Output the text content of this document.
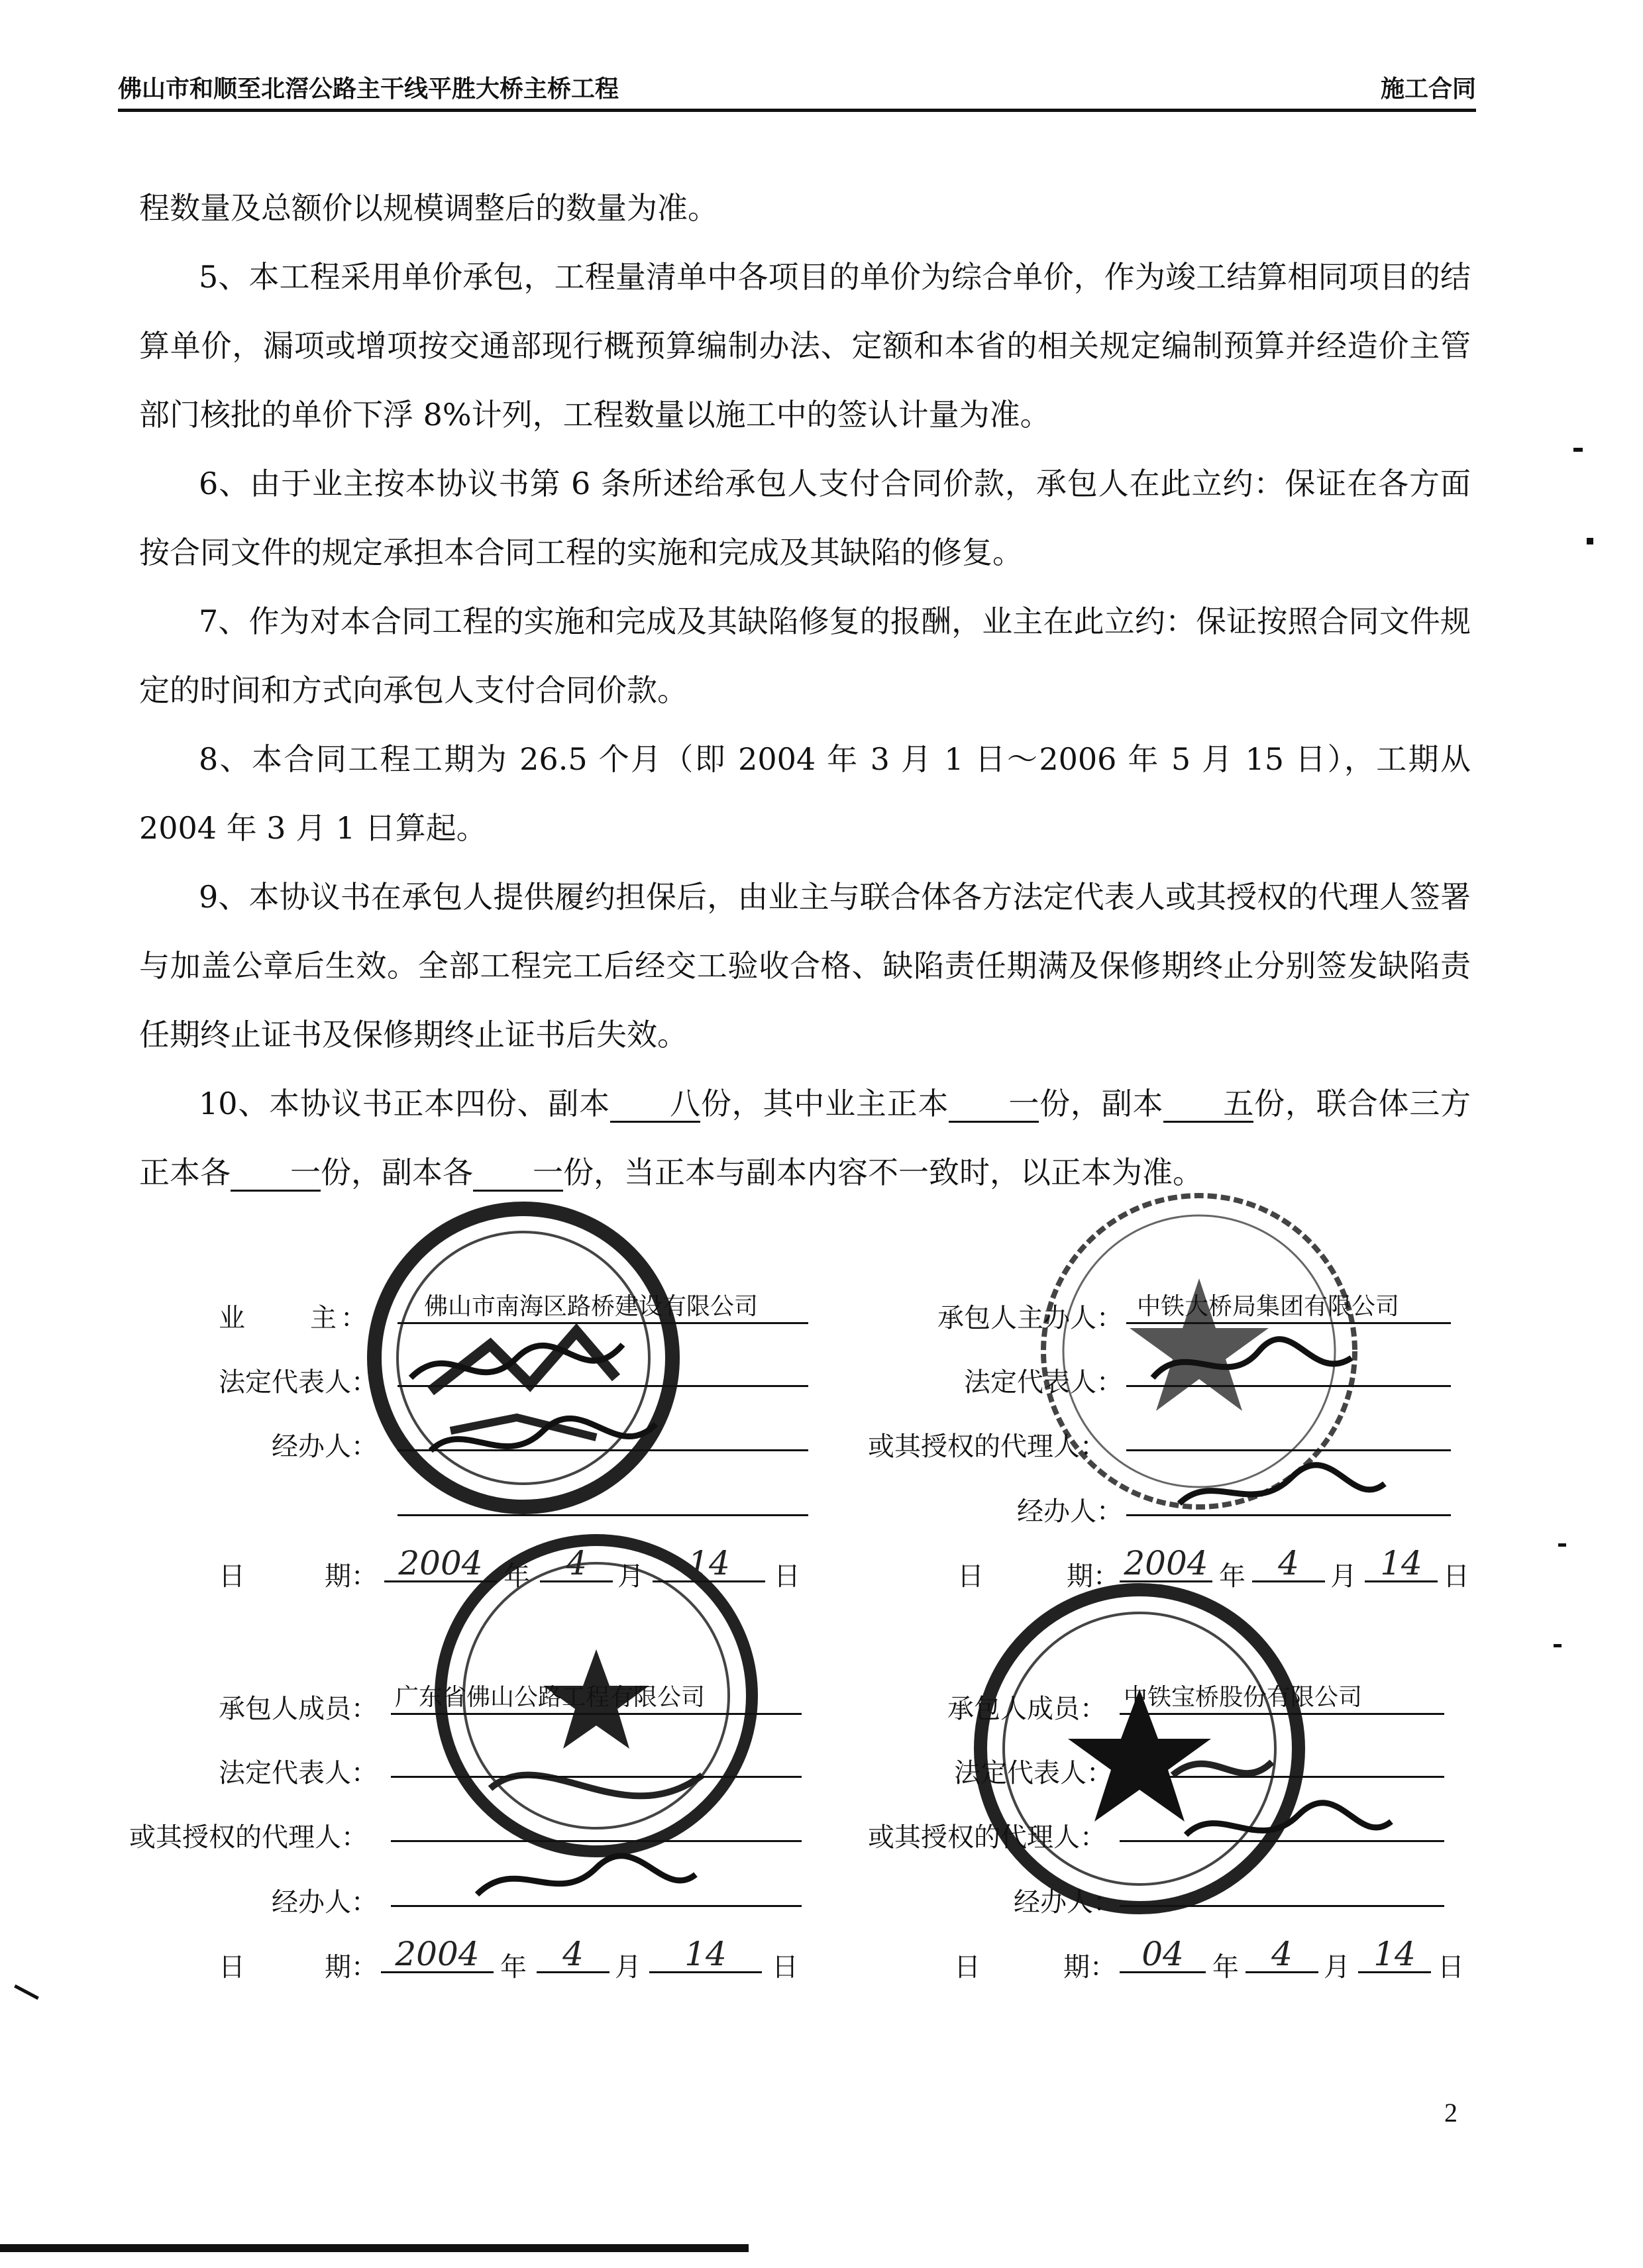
佛山市和顺至北滘公路主干线平胜大桥主桥工程	施工合同

程数量及总额价以规模调整后的数量为准。

5、本工程采用单价承包，工程量清单中各项目的单价为综合单价，作为竣工结算相同项目的结算单价，漏项或增项按交通部现行概预算编制办法、定额和本省的相关规定编制预算并经造价主管部门核批的单价下浮 8%计列，工程数量以施工中的签认计量为准。

6、由于业主按本协议书第 6 条所述给承包人支付合同价款，承包人在此立约：保证在各方面按合同文件的规定承担本合同工程的实施和完成及其缺陷的修复。

7、作为对本合同工程的实施和完成及其缺陷修复的报酬，业主在此立约：保证按照合同文件规定的时间和方式向承包人支付合同价款。

8、本合同工程工期为 26.5 个月（即 2004 年 3 月 1 日～2006 年 5 月 15 日），工期从 2004 年 3 月 1 日算起。

9、本协议书在承包人提供履约担保后，由业主与联合体各方法定代表人或其授权的代理人签署与加盖公章后生效。全部工程完工后经交工验收合格、缺陷责任期满及保修期终止分别签发缺陷责任期终止证书及保修期终止证书后失效。

10、本协议书正本四份、副本 八份，其中业主正本 一份，副本 五份，联合体三方正本各 一份，副本各 一份，当正本与副本内容不一致时，以正本为准。

业　　主：	佛山市南海区路桥建设有限公司
法定代表人：
经办人：
日	期： 2004 年	4	月	14	日
承包人主办人： 中铁大桥局集团有限公司
法定代表人：
或其授权的代理人：
经办人：
日	期： 2004 年 4	月 14 日
承包人成员： 广东省佛山公路工程有限公司
法定代表人：
或其授权的代理人：
经办人：
日	期： 2004 年	4	月	14	日
承包人成员： 中铁宝桥股份有限公司
法定代表人：
或其授权的代理人：
经办人：
日	期： 04	年 4	月 14 日
2
